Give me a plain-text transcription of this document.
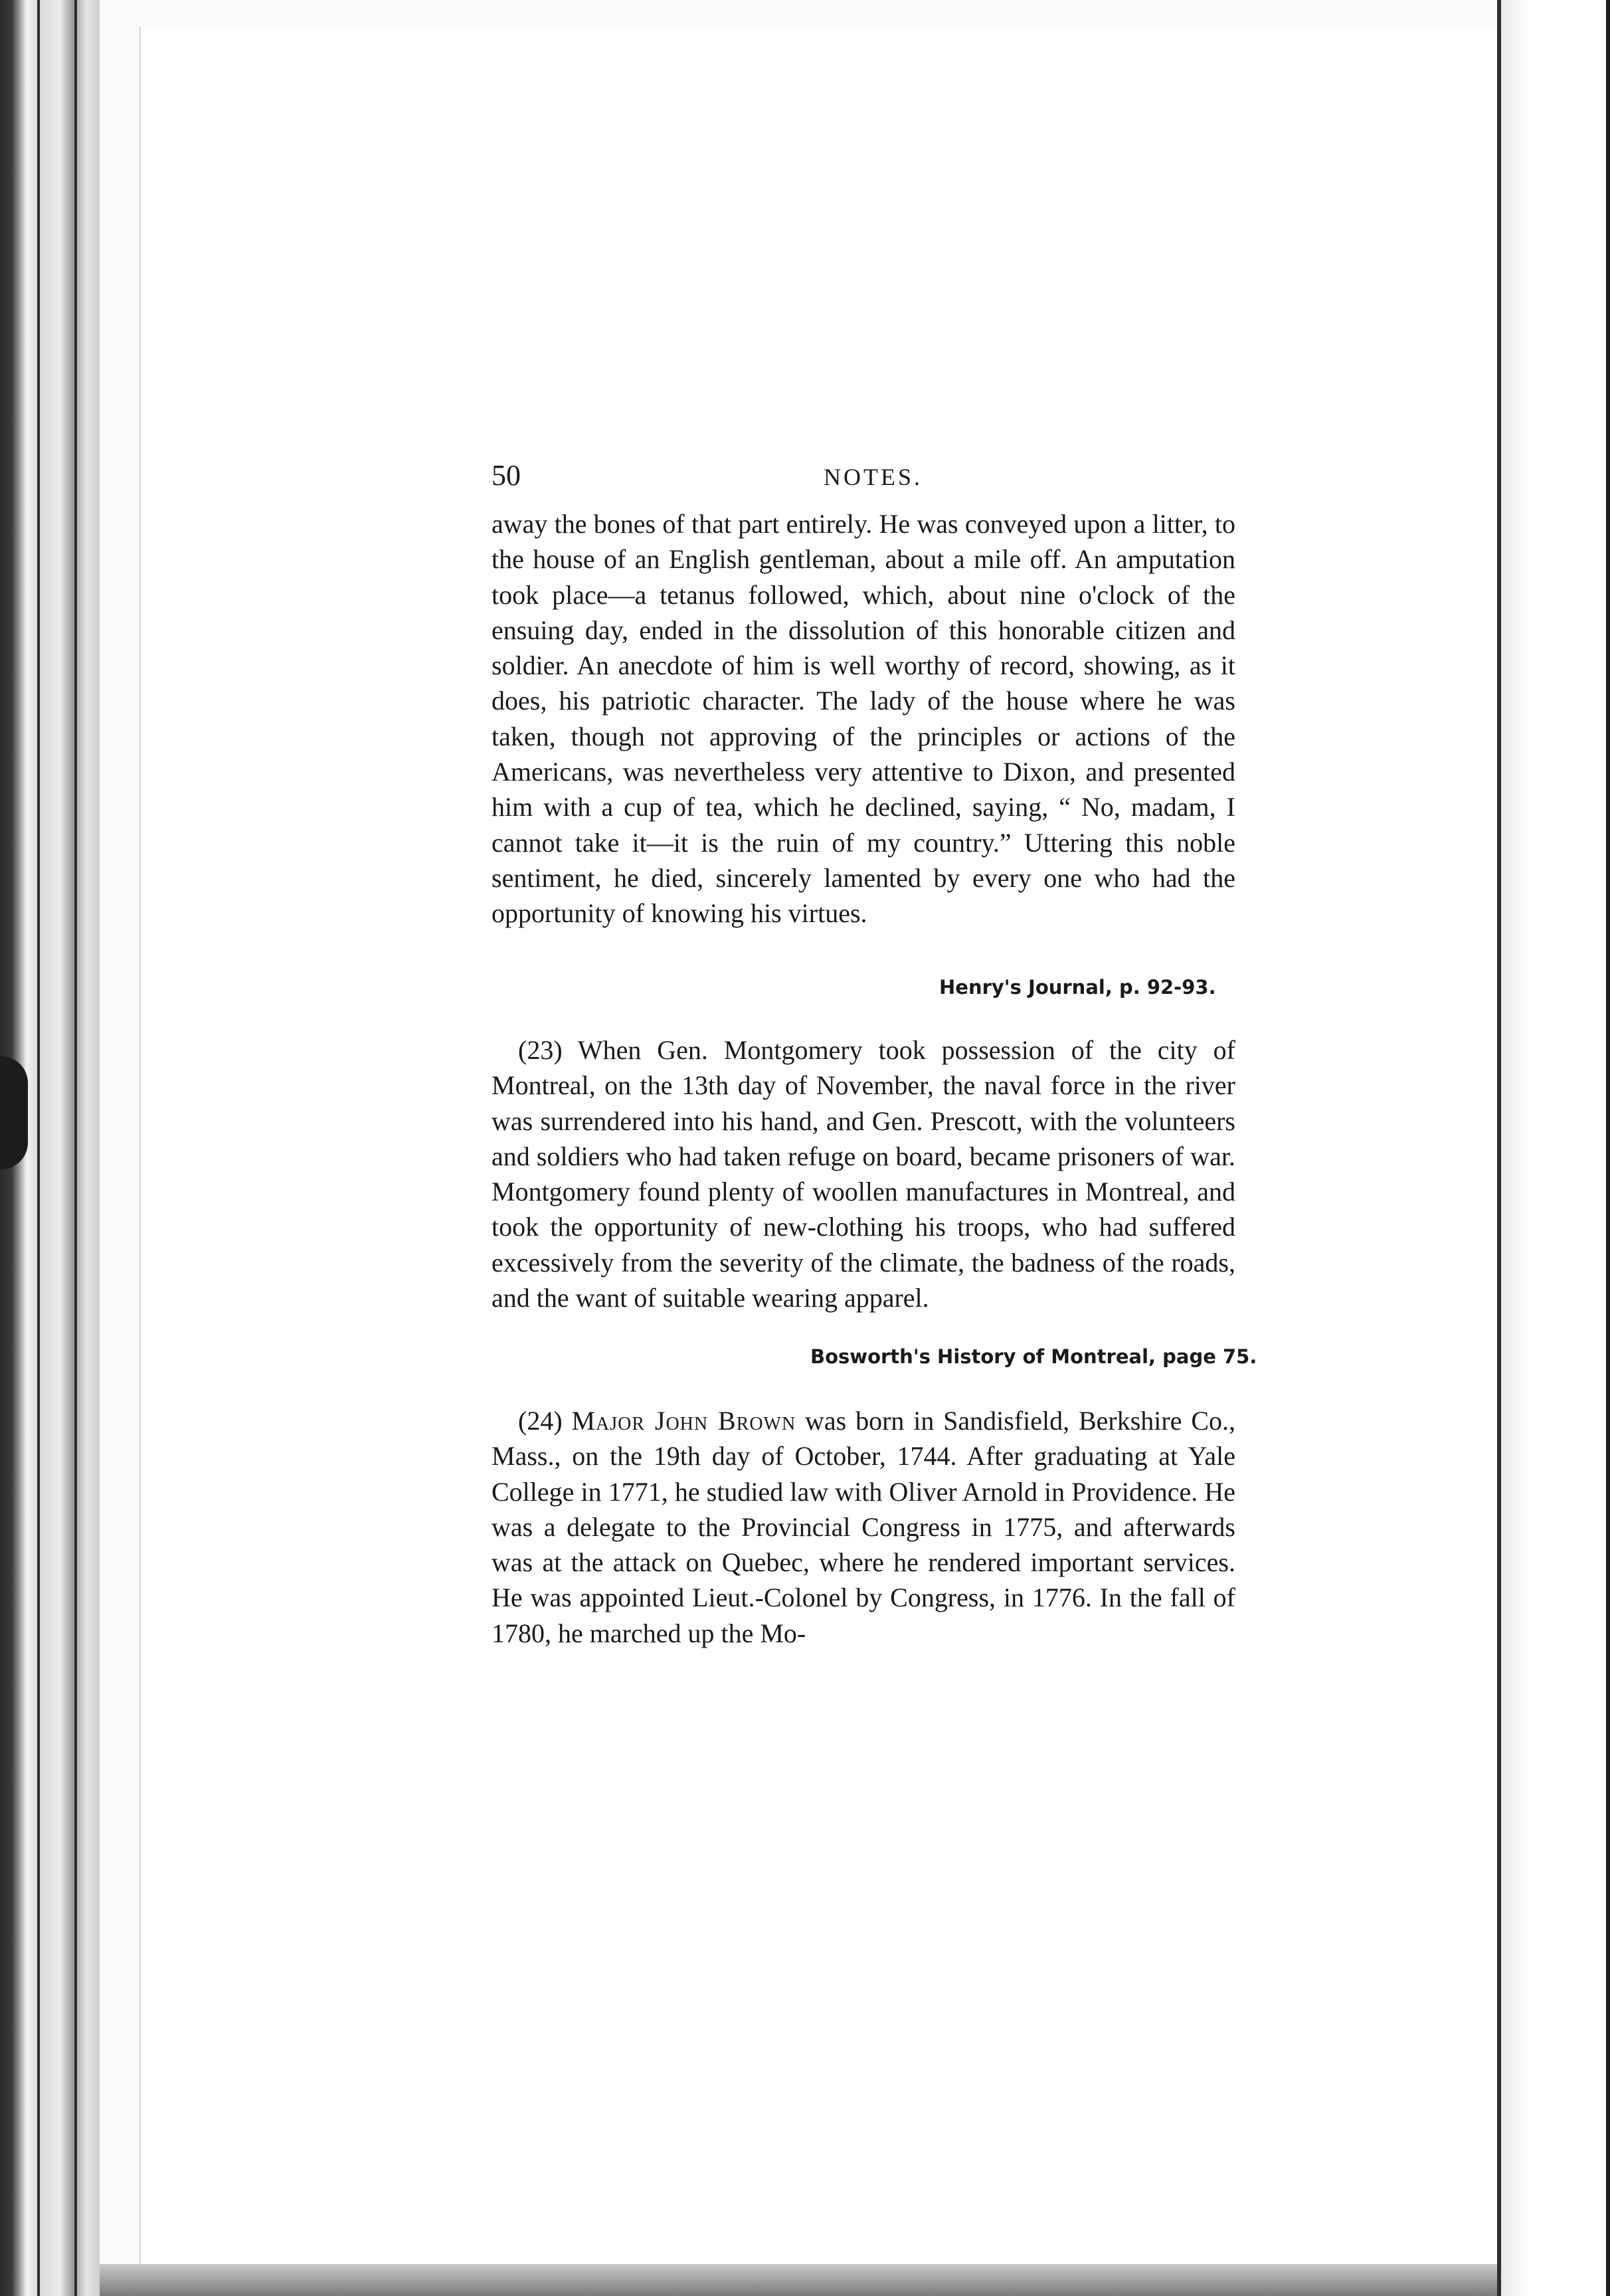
50	NOTES.

away the bones of that part entirely. He was conveyed upon a litter, to the house of an English gentleman, about a mile off. An amputation took place—a tetanus followed, which, about nine o'clock of the ensuing day, ended in the dissolution of this honorable citizen and soldier. An anecdote of him is well worthy of record, showing, as it does, his patriotic character. The lady of the house where he was taken, though not approving of the principles or actions of the Americans, was nevertheless very attentive to Dixon, and presented him with a cup of tea, which he declined, saying, “ No, madam, I cannot take it—it is the ruin of my country.” Uttering this noble sentiment, he died, sincerely lamented by every one who had the opportunity of knowing his virtues.

Henry's Journal, p. 92-93.

(23) When Gen. Montgomery took possession of the city of Montreal, on the 13th day of November, the naval force in the river was surrendered into his hand, and Gen. Prescott, with the volunteers and soldiers who had taken refuge on board, became prisoners of war. Montgomery found plenty of woollen manufactures in Montreal, and took the opportunity of new-clothing his troops, who had suffered excessively from the severity of the climate, the badness of the roads, and the want of suitable wearing apparel.

Bosworth's History of Montreal, page 75.

(24) Major John Brown was born in Sandisfield, Berkshire Co., Mass., on the 19th day of October, 1744. After graduating at Yale College in 1771, he studied law with Oliver Arnold in Providence. He was a delegate to the Provincial Congress in 1775, and afterwards was at the attack on Quebec, where he rendered important services. He was appointed Lieut.-Colonel by Congress, in 1776. In the fall of 1780, he marched up the Mo-
